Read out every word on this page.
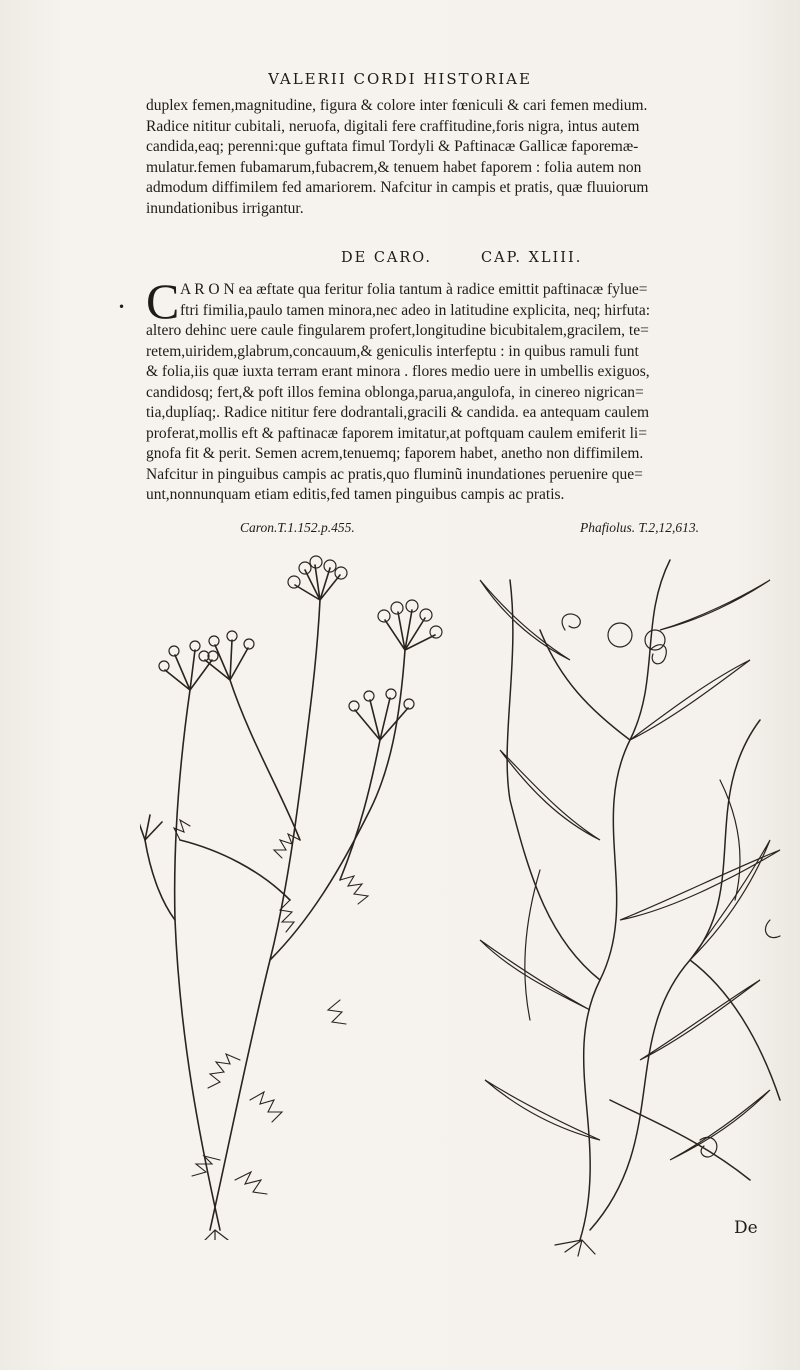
VALERII CORDI HISTORIAE
duplex femen,magnitudine, figura & colore inter fœniculi & cari femen medium.
Radice nititur cubitali, neruofa, digitali fere craffitudine,foris nigra, intus autem
candida,eaq; perenni:que guftata fimul Tordyli & Paftinacæ Gallicæ faporemæ-
mulatur.femen fubamarum,fubacrem,& tenuem habet faporem : folia autem non
admodum diffimilem fed amariorem. Nafcitur in campis et pratis, quæ fluuiorum
inundationibus irrigantur.
DE CARO.	CAP. XLIII.
C
•
A R O N ea æftate qua feritur folia tantum à radice emittit paftinacæ fylue=
ftri fimilia,paulo tamen minora,nec adeo in latitudine explicita, neq; hirfuta:
altero dehinc uere caule fingularem profert,longitudine bicubitalem,gracilem, te=
retem,uiridem,glabrum,concauum,& geniculis interfeptu : in quibus ramuli funt
& folia,iis quæ iuxta terram erant minora . flores medio uere in umbellis exiguos,
candidosq; fert,& poft illos femina oblonga,parua,angulofa, in cinereo nigrican=
tia,duplíaq;. Radice nititur fere dodrantali,gracili & candida. ea antequam caulem
proferat,mollis eft & paftinacæ faporem imitatur,at poftquam caulem emiferit li=
gnofa fit & perit. Semen acrem,tenuemq; faporem habet, anetho non diffimilem.
Nafcitur in pinguibus campis ac pratis,quo fluminũ inundationes peruenire que=
unt,nonnunquam etiam editis,fed tamen pinguibus campis ac pratis.
Caron.T.1.152.p.455.	Phafiolus. T.2,12,613.
De
